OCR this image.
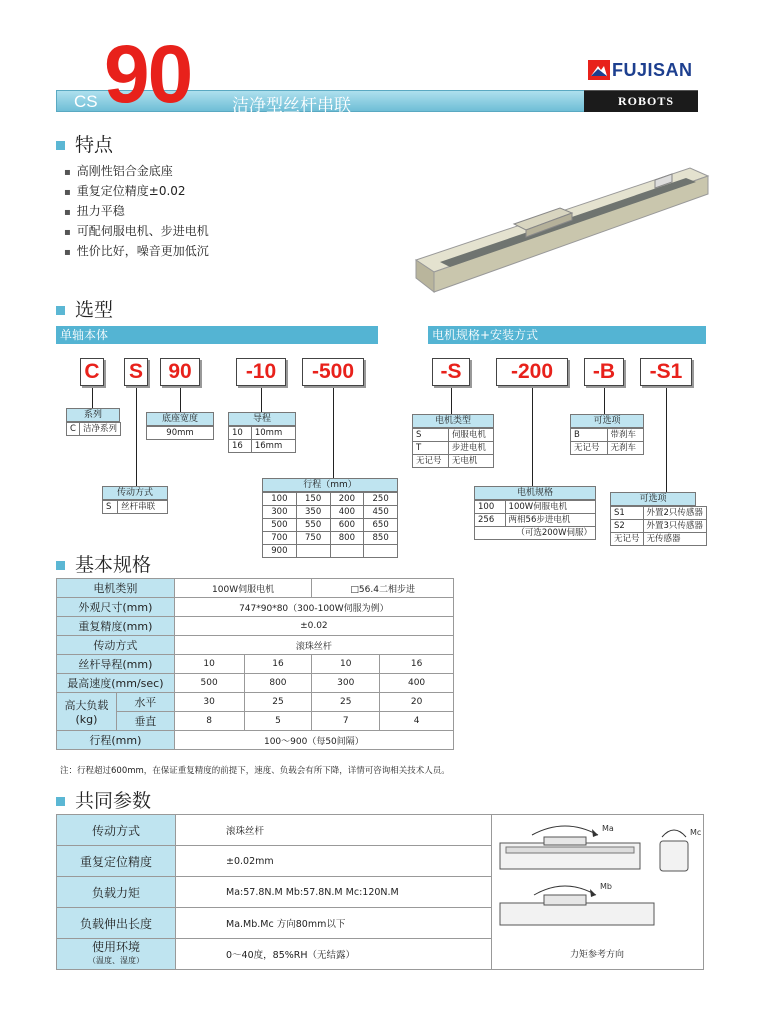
CS 90 洁净型丝杆串联
FUJISAN
ROBOTS
特点
▪ 高刚性铝合金底座
▪ 重复定位精度±0.02
▪ 扭力平稳
▪ 可配伺服电机、步进电机
▪ 性价比好，噪音更加低沉
选型
单轴本体	电机规格+安装方式
C S	90	-10	-500	-S	-200	-B	-S1
系列
C	洁净系列
底座宽度
90mm
导程
10	10mm
16	16mm
传动方式
S	丝杆串联
行程（mm）
100	150	200	250
300	350	400	450
500	550	600	650
700	750	800	850
900			
电机类型
S	伺服电机
T	步进电机
无记号	无电机
电机规格
100	100W伺服电机
256	两相56步进电机
（可选200W伺服）	
可选项
B	带刹车
无记号	无刹车
可选项
S1	外置2只传感器
S2	外置3只传感器
无记号	无传感器
基本规格
电机类别		100W伺服电机		□56.4二相步进	
外观尺寸(mm)		747*90*80（300-100W伺服为例）			
重复精度(mm)		±0.02			
传动方式		滚珠丝杆			
丝杆导程(mm)		10	16	10	16
最高速度(mm/sec)		500	800	300	400
高大负载
(kg)	水平	30	25	25	20
	垂直	8	5	7	4
行程(mm)		100～900（每50间隔）			
注：行程超过600mm，在保证重复精度的前提下，速度、负载会有所下降，详情可咨询相关技术人员。
共同参数
传动方式	滚珠丝杆	Ma Mc
Mb
力矩参考方向

重复定位精度	±0.02mm	
负载力矩	Ma:57.8N.M Mb:57.8N.M Mc:120N.M	
负载伸出长度	Ma.Mb.Mc 方向80mm以下	
使用环境
（温度、湿度）	0～40度，85%RH（无结露）	
